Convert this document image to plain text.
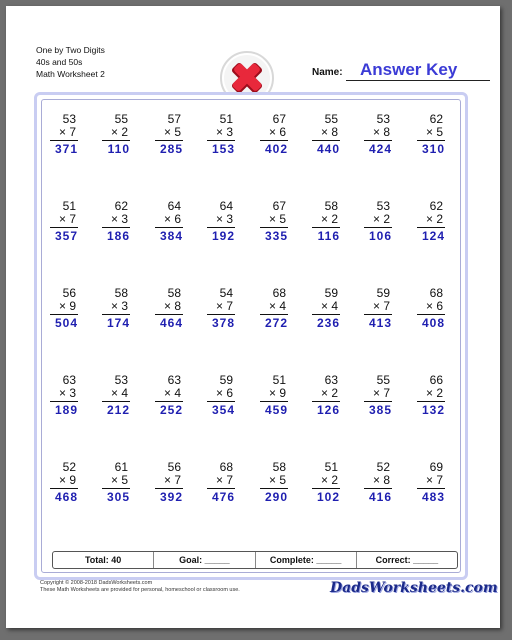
One by Two Digits
40s and 50s
Math Worksheet 2	Name: Answer Key
53
× 7
371
55
× 2
110
57
× 5
285
51
× 3
153
67
× 6
402
55
× 8
440
53
× 8
424
62
× 5
310
51
× 7
357
62
× 3
186
64
× 6
384
64
× 3
192
67
× 5
335
58
× 2
116
53
× 2
106
62
× 2
124
56
× 9
504
58
× 3
174
58
× 8
464
54
× 7
378
68
× 4
272
59
× 4
236
59
× 7
413
68
× 6
408
63
× 3
189
53
× 4
212
63
× 4
252
59
× 6
354
51
× 9
459
63
× 2
126
55
× 7
385
66
× 2
132
52
× 9
468
61
× 5
305
56
× 7
392
68
× 7
476
58
× 5
290
51
× 2
102
52
× 8
416
69
× 7
483
Total: 40	Goal: _____	Complete: _____	Correct: _____
Copyright © 2008-2018 DadsWorksheets.com
These Math Worksheets are provided for personal, homeschool or classroom use.	DadsWorksheets.com
